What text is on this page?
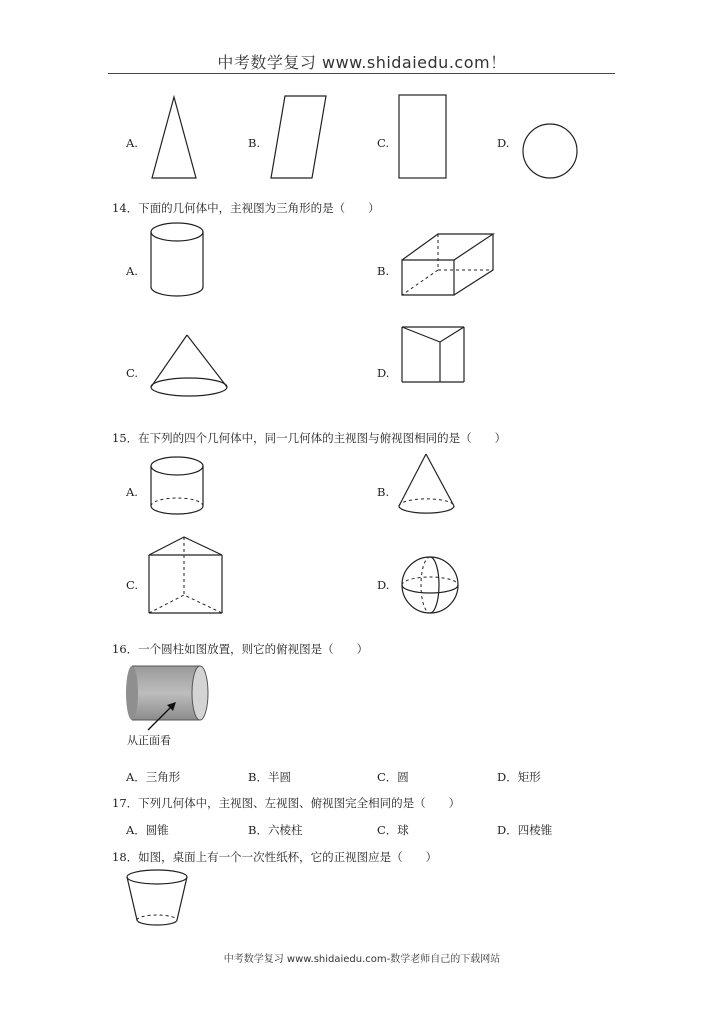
中考数学复习 www.shidaiedu.com！
A.	B.	C.	D.
14．下面的几何体中，主视图为三角形的是（　　）
A.	B.
C.	D.
15．在下列的四个几何体中，同一几何体的主视图与俯视图相同的是（　　）
A.	B.
C.	D.
16．一个圆柱如图放置，则它的俯视图是（　　）
从正面看
A．三角形	B．半圆	C．圆	D．矩形
17．下列几何体中，主视图、左视图、俯视图完全相同的是（　　）
A．圆锥	B．六棱柱	C．球	D．四棱锥
18．如图，桌面上有一个一次性纸杯，它的正视图应是（　　）
中考数学复习 www.shidaiedu.com-数学老师自己的下载网站
